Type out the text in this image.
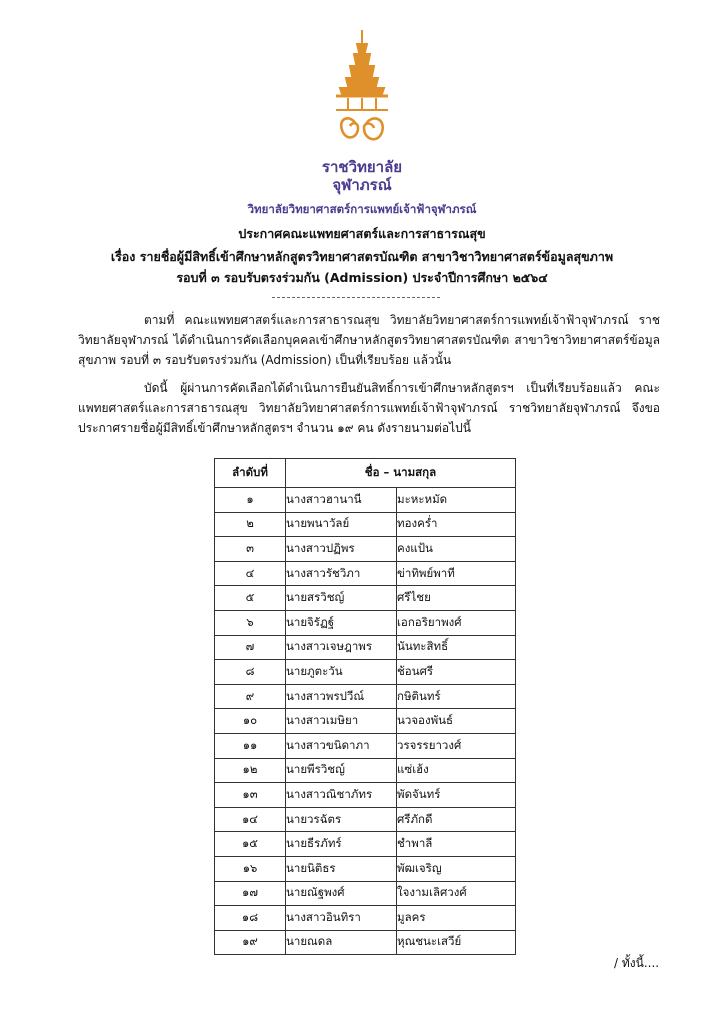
ราชวิทยาลัย
จุฬาภรณ์
วิทยาลัยวิทยาศาสตร์การแพทย์เจ้าฟ้าจุฬาภรณ์
ประกาศคณะแพทยศาสตร์และการสาธารณสุข
เรื่อง รายชื่อผู้มีสิทธิ์เข้าศึกษาหลักสูตรวิทยาศาสตรบัณฑิต สาขาวิชาวิทยาศาสตร์ข้อมูลสุขภาพ
รอบที่ ๓ รอบรับตรงร่วมกัน (Admission) ประจำปีการศึกษา ๒๕๖๔

ตามที่ คณะแพทยศาสตร์และการสาธารณสุข วิทยาลัยวิทยาศาสตร์การแพทย์เจ้าฟ้าจุฬาภรณ์ ราชวิทยาลัยจุฬาภรณ์ ได้ดำเนินการคัดเลือกบุคคลเข้าศึกษาหลักสูตรวิทยาศาสตรบัณฑิต สาขาวิชาวิทยาศาสตร์ข้อมูลสุขภาพ รอบที่ ๓ รอบรับตรงร่วมกัน (Admission) เป็นที่เรียบร้อย แล้วนั้น

บัดนี้ ผู้ผ่านการคัดเลือกได้ดำเนินการยืนยันสิทธิ์การเข้าศึกษาหลักสูตรฯ เป็นที่เรียบร้อยแล้ว คณะแพทยศาสตร์และการสาธารณสุข วิทยาลัยวิทยาศาสตร์การแพทย์เจ้าฟ้าจุฬาภรณ์ ราชวิทยาลัยจุฬาภรณ์ จึงขอประกาศรายชื่อผู้มีสิทธิ์เข้าศึกษาหลักสูตรฯ จำนวน ๑๙ คน ดังรายนามต่อไปนี้

ลำดับที่	ชื่อ – นามสกุล	
๑	นางสาวฮานานี	มะหะหมัด
๒	นายพนาวัลย์	ทองคร่ำ
๓	นางสาวปฏิพร	คงแป้น
๔	นางสาวรัชวิภา	ข่าทิพย์พาที
๕	นายสรวิชญ์	ศรีไชย
๖	นายจิรัฏฐ์	เอกอริยาพงศ์
๗	นางสาวเจษฎาพร	นันทะสิทธิ์
๘	นายภูตะวัน	ช้อนศรี
๙	นางสาวพรปวีณ์	กษิตินทร์
๑๐	นางสาวเมษิยา	นวจองพันธ์
๑๑	นางสาวขนิดาภา	วรจรรยาวงศ์
๑๒	นายพีรวิชญ์	แซ่เฮ้ง
๑๓	นางสาวณิชาภัทร	พัดจันทร์
๑๔	นายวรฉัตร	ศรีภักดี
๑๕	นายธีรภัทร์	ชำพาลี
๑๖	นายนิติธร	พัฒเจริญ
๑๗	นายณัฐพงศ์	ใจงามเลิศวงศ์
๑๘	นางสาวอินทิรา	มูลคร
๑๙	นายณดล	หุณชนะเสวีย์
/ ทั้งนี้....
